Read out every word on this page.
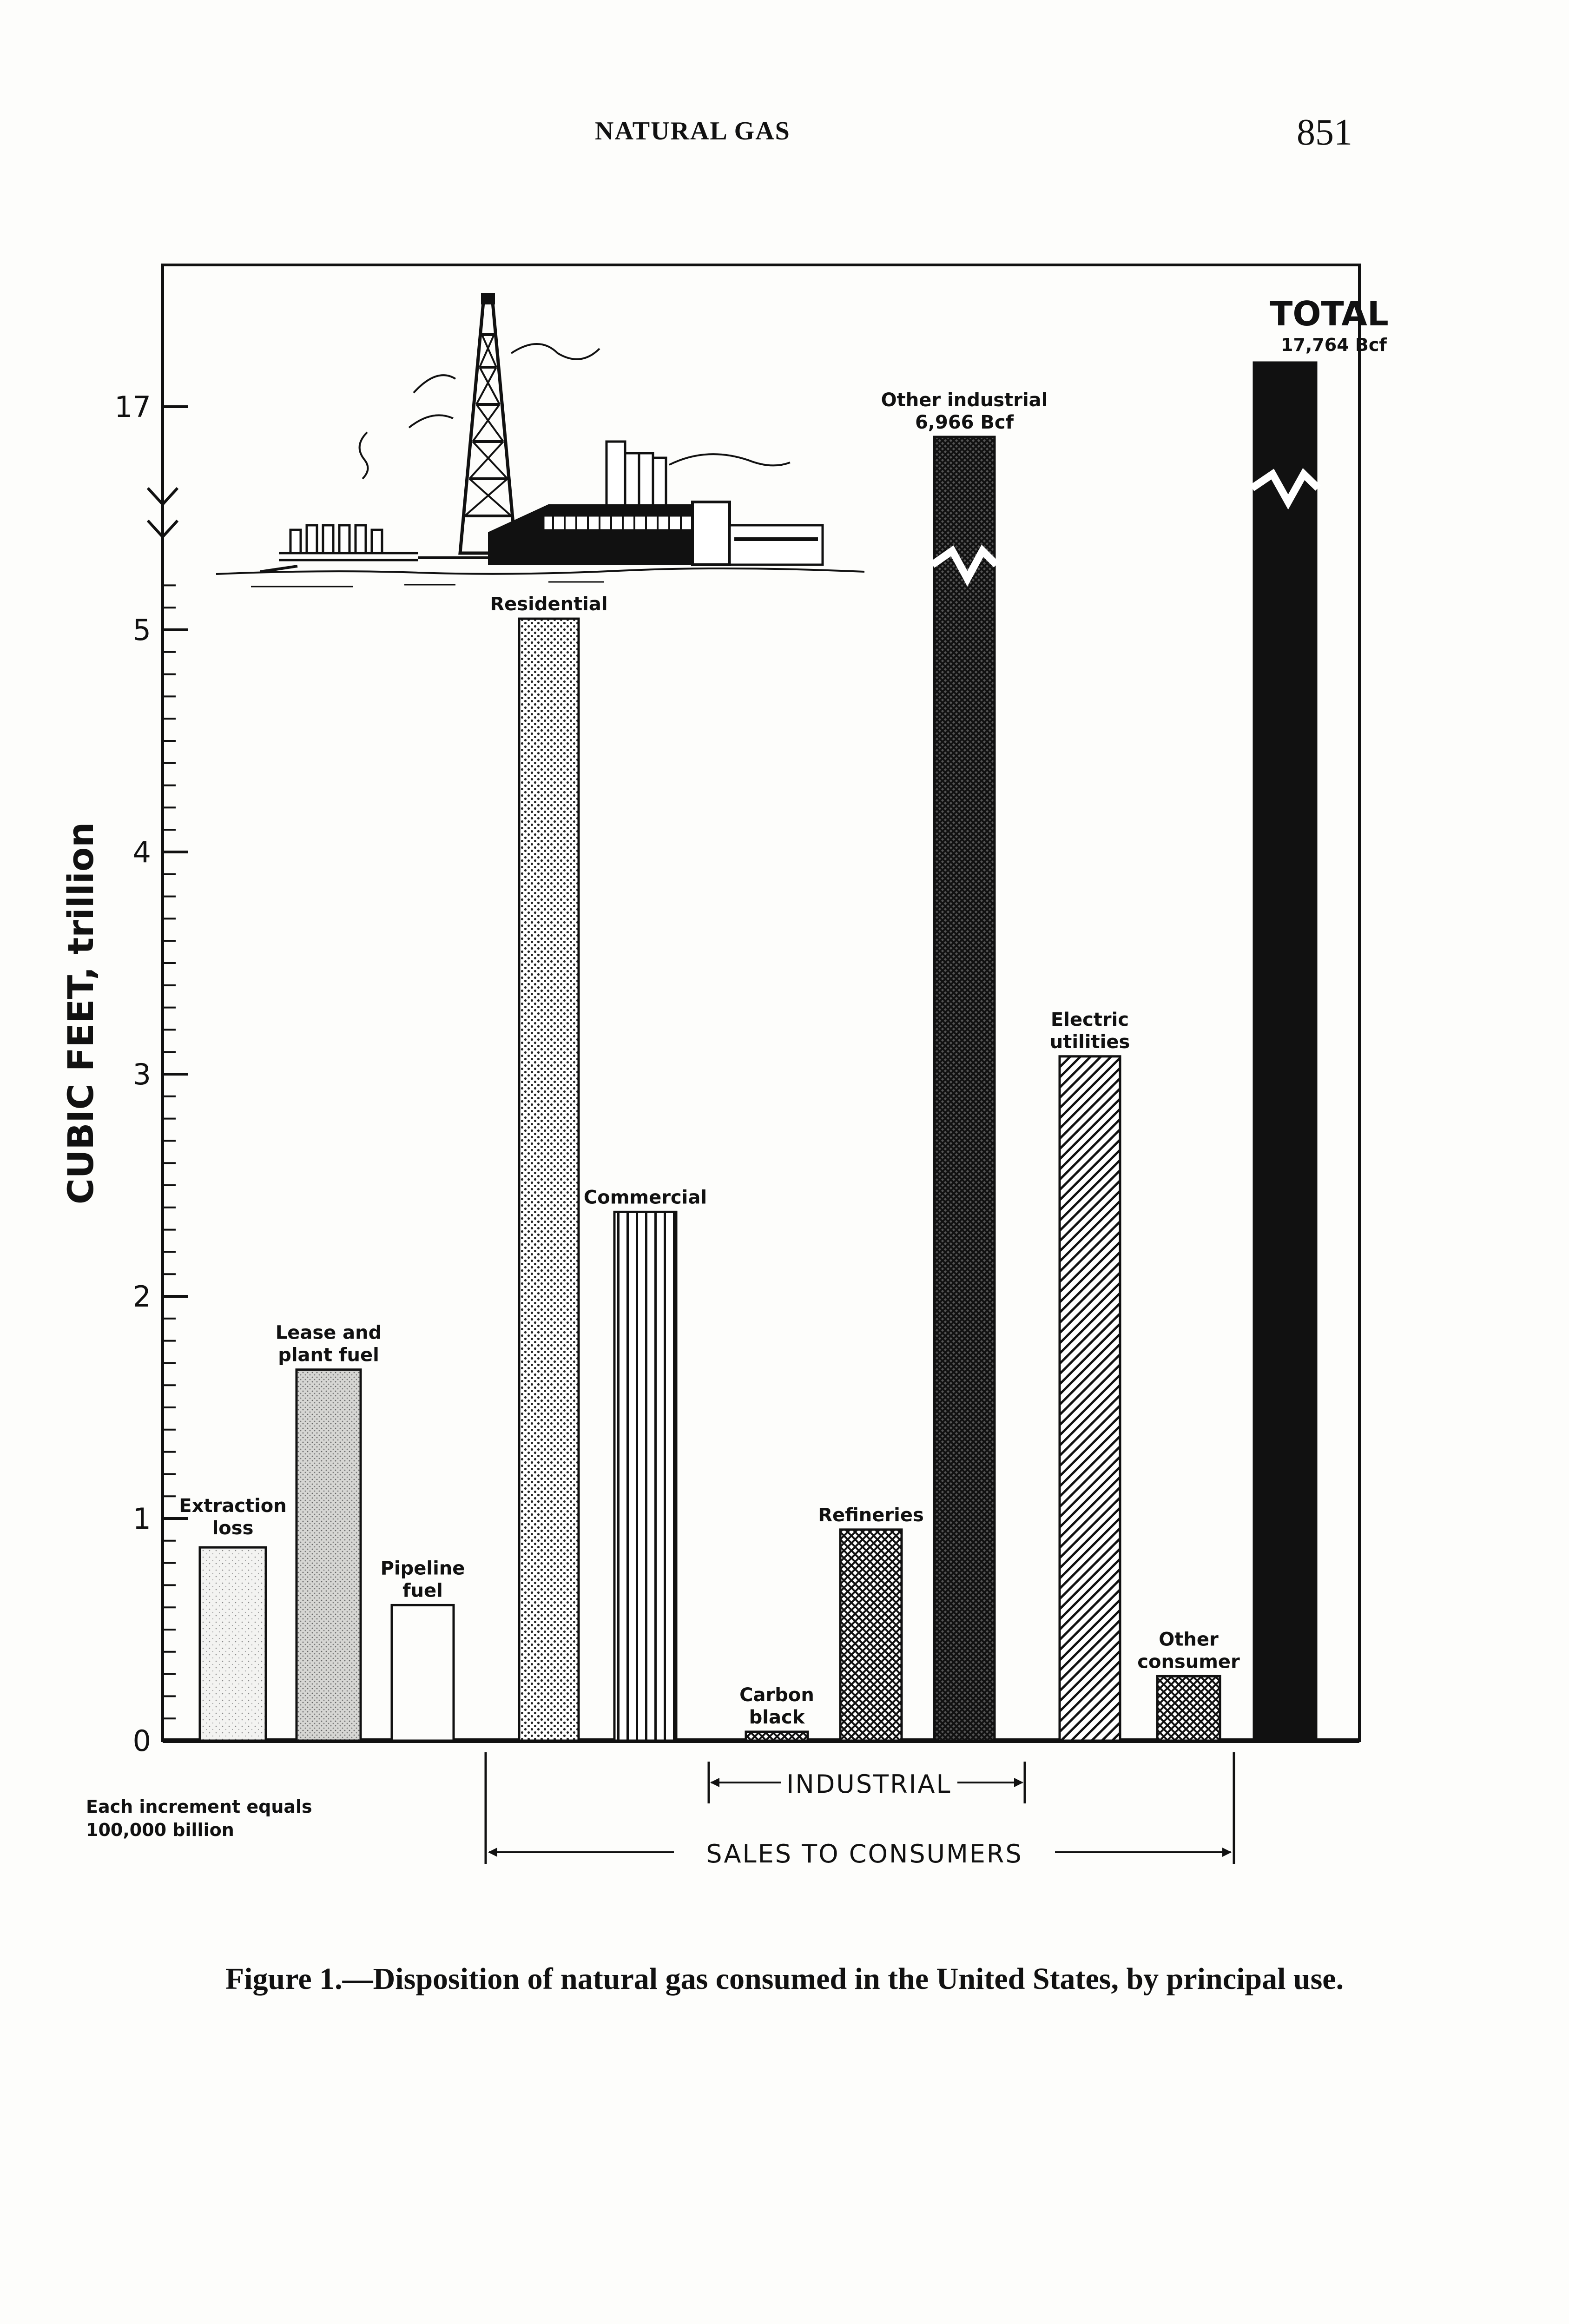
NATURAL GAS	851
CUBIC FEET, trillion
17
0
1
2
3
4
5
Extraction
loss
Lease and
plant fuel
Pipeline
fuel
Residential
Commercial
Carbon
black
Refineries
Other industrial
6,966 Bcf
Electric
utilities
Other
consumer
TOTAL
17,764 Bcf
INDUSTRIAL
SALES TO CONSUMERS
Each increment equals
100,000 billion
Figure 1.—Disposition of natural gas consumed in the United States, by principal use.
